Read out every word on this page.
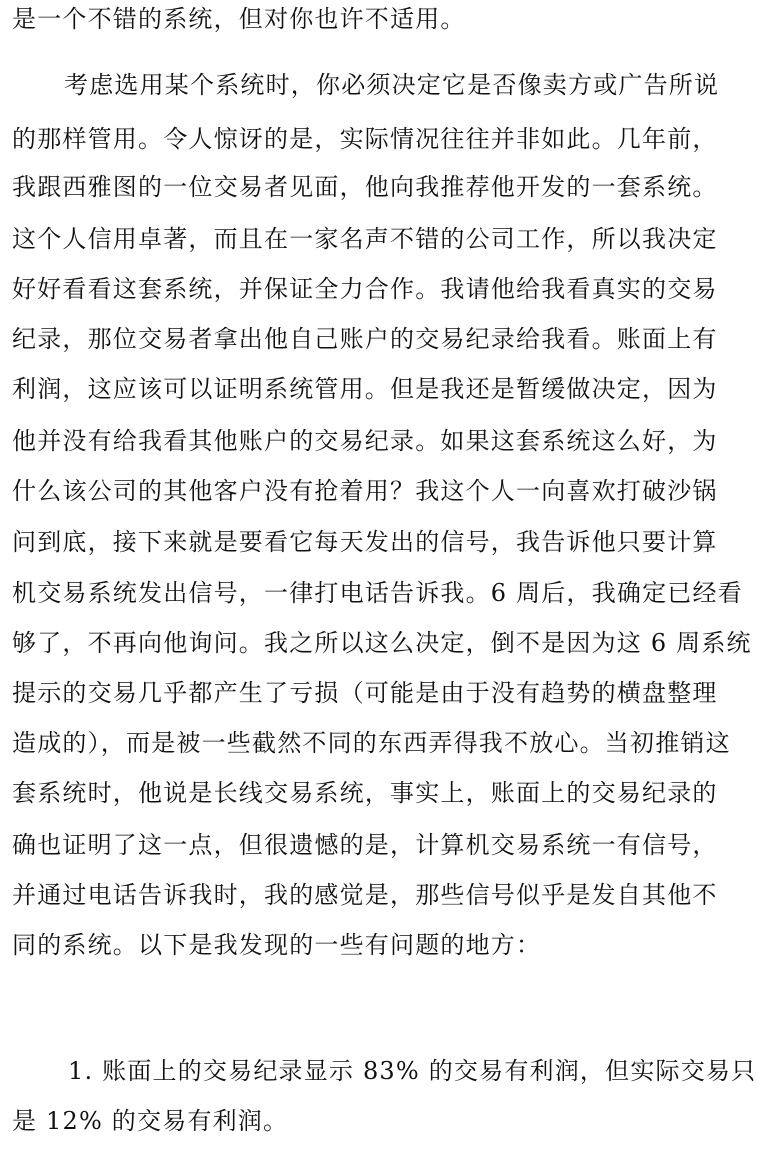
是一个不错的系统，但对你也许不适用。
考虑选用某个系统时，你必须决定它是否像卖方或广告所说
的那样管用。令人惊讶的是，实际情况往往并非如此。几年前，
我跟西雅图的一位交易者见面，他向我推荐他开发的一套系统。
这个人信用卓著，而且在一家名声不错的公司工作，所以我决定
好好看看这套系统，并保证全力合作。我请他给我看真实的交易
纪录，那位交易者拿出他自己账户的交易纪录给我看。账面上有
利润，这应该可以证明系统管用。但是我还是暂缓做决定，因为
他并没有给我看其他账户的交易纪录。如果这套系统这么好，为
什么该公司的其他客户没有抢着用？我这个人一向喜欢打破沙锅
问到底，接下来就是要看它每天发出的信号，我告诉他只要计算
机交易系统发出信号，一律打电话告诉我。6 周后，我确定已经看
够了，不再向他询问。我之所以这么决定，倒不是因为这 6 周系统
提示的交易几乎都产生了亏损（可能是由于没有趋势的横盘整理
造成的），而是被一些截然不同的东西弄得我不放心。当初推销这
套系统时，他说是长线交易系统，事实上，账面上的交易纪录的
确也证明了这一点，但很遗憾的是，计算机交易系统一有信号，
并通过电话告诉我时，我的感觉是，那些信号似乎是发自其他不
同的系统。以下是我发现的一些有问题的地方：
1. 账面上的交易纪录显示 83% 的交易有利润，但实际交易只
是 12% 的交易有利润。
